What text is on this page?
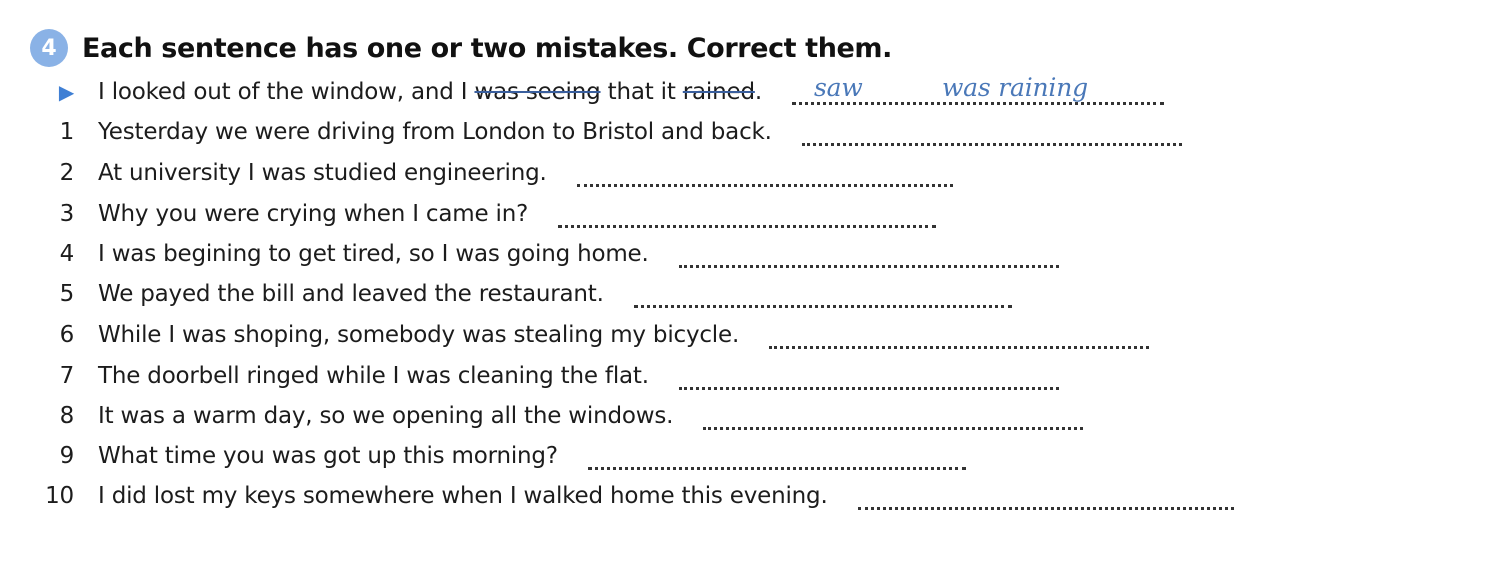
4 Each sentence has one or two mistakes. Correct them.
▶	I looked out of the window, and I was seeing that it rained. saw	was raining
1	Yesterday we were driving from London to Bristol and back.
2	At university I was studied engineering.
3	Why you were crying when I came in?
4	I was begining to get tired, so I was going home.
5	We payed the bill and leaved the restaurant.
6	While I was shoping, somebody was stealing my bicycle.
7	The doorbell ringed while I was cleaning the flat.
8	It was a warm day, so we opening all the windows.
9	What time you was got up this morning?
10	I did lost my keys somewhere when I walked home this evening.
